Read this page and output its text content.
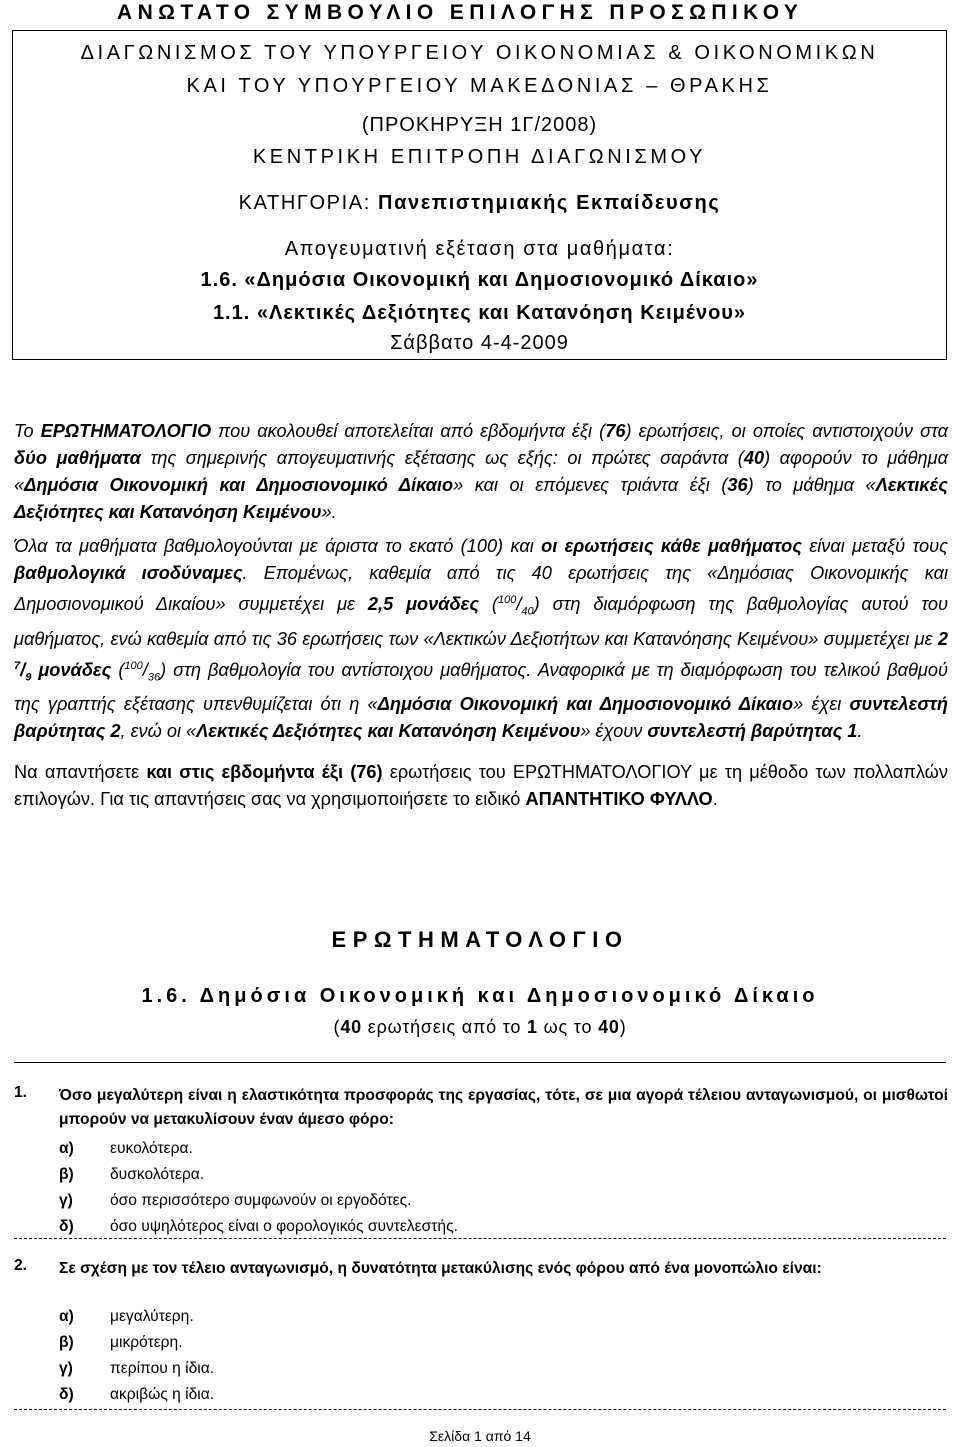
ΑΝΩΤΑΤΟ ΣΥΜΒΟΥΛΙΟ ΕΠΙΛΟΓΗΣ ΠΡΟΣΩΠΙΚΟΥ
ΔΙΑΓΩΝΙΣΜΟΣ ΤΟΥ ΥΠΟΥΡΓΕΙΟΥ ΟΙΚΟΝΟΜΙΑΣ & ΟΙΚΟΝΟΜΙΚΩΝ
ΚΑΙ ΤΟΥ ΥΠΟΥΡΓΕΙΟΥ ΜΑΚΕΔΟΝΙΑΣ – ΘΡΑΚΗΣ
(ΠΡΟΚΗΡΥΞΗ 1Γ/2008)
ΚΕΝΤΡΙΚΗ ΕΠΙΤΡΟΠΗ ΔΙΑΓΩΝΙΣΜΟΥ
ΚΑΤΗΓΟΡΙΑ: Πανεπιστημιακής Εκπαίδευσης
Απογευματινή εξέταση στα μαθήματα:
1.6. «Δημόσια Οικονομική και Δημοσιονομικό Δίκαιο»
1.1. «Λεκτικές Δεξιότητες και Κατανόηση Κειμένου»
Σάββατο 4-4-2009

Το ΕΡΩΤΗΜΑΤΟΛΟΓΙΟ που ακολουθεί αποτελείται από εβδομήντα έξι (76) ερωτήσεις, οι οποίες αντιστοιχούν στα δύο μαθήματα της σημερινής απογευματινής εξέτασης ως εξής: οι πρώτες σαράντα (40) αφορούν το μάθημα «Δημόσια Οικονομική και Δημοσιονομικό Δίκαιο» και οι επόμενες τριάντα έξι (36) το μάθημα «Λεκτικές Δεξιότητες και Κατανόηση Κειμένου».

Όλα τα μαθήματα βαθμολογούνται με άριστα το εκατό (100) και οι ερωτήσεις κάθε μαθήματος είναι μεταξύ τους βαθμολογικά ισοδύναμες. Επομένως, καθεμία από τις 40 ερωτήσεις της «Δημόσιας Οικονομικής και Δημοσιονομικού Δικαίου» συμμετέχει με 2,5 μονάδες $(^{100}/_{40})$ στη διαμόρφωση της βαθμολογίας αυτού του μαθήματος, ενώ καθεμία από τις 36 ερωτήσεις των «Λεκτικών Δεξιοτήτων και Κατανόησης Κειμένου» συμμετέχει με 2 $^7/_9$ μονάδες $(^{100}/_{36})$ στη βαθμολογία του αντίστοιχου μαθήματος. Αναφορικά με τη διαμόρφωση του τελικού βαθμού της γραπτής εξέτασης υπενθυμίζεται ότι η «Δημόσια Οικονομική και Δημοσιονομικό Δίκαιο» έχει συντελεστή βαρύτητας 2, ενώ οι «Λεκτικές Δεξιότητες και Κατανόηση Κειμένου» έχουν συντελεστή βαρύτητας 1.

Να απαντήσετε και στις εβδομήντα έξι (76) ερωτήσεις του ΕΡΩΤΗΜΑΤΟΛΟΓΙΟΥ με τη μέθοδο των πολλαπλών επιλογών. Για τις απαντήσεις σας να χρησιμοποιήσετε το ειδικό ΑΠΑΝΤΗΤΙΚΟ ΦΥΛΛΟ.

ΕΡΩΤΗΜΑΤΟΛΟΓΙΟ
1.6. Δημόσια Οικονομική και Δημοσιονομικό Δίκαιο
(40 ερωτήσεις από το 1 ως το 40)
1. Όσο μεγαλύτερη είναι η ελαστικότητα προσφοράς της εργασίας, τότε, σε μια αγορά τέλειου ανταγωνισμού, οι μισθωτοί μπορούν να μετακυλίσουν έναν άμεσο φόρο:
α) ευκολότερα.
β) δυσκολότερα.
γ) όσο περισσότερο συμφωνούν οι εργοδότες.
δ) όσο υψηλότερος είναι ο φορολογικός συντελεστής.
2. Σε σχέση με τον τέλειο ανταγωνισμό, η δυνατότητα μετακύλισης ενός φόρου από ένα μονοπώλιο είναι:
α) μεγαλύτερη.
β) μικρότερη.
γ) περίπου η ίδια.
δ) ακριβώς η ίδια.
Σελίδα 1 από 14
